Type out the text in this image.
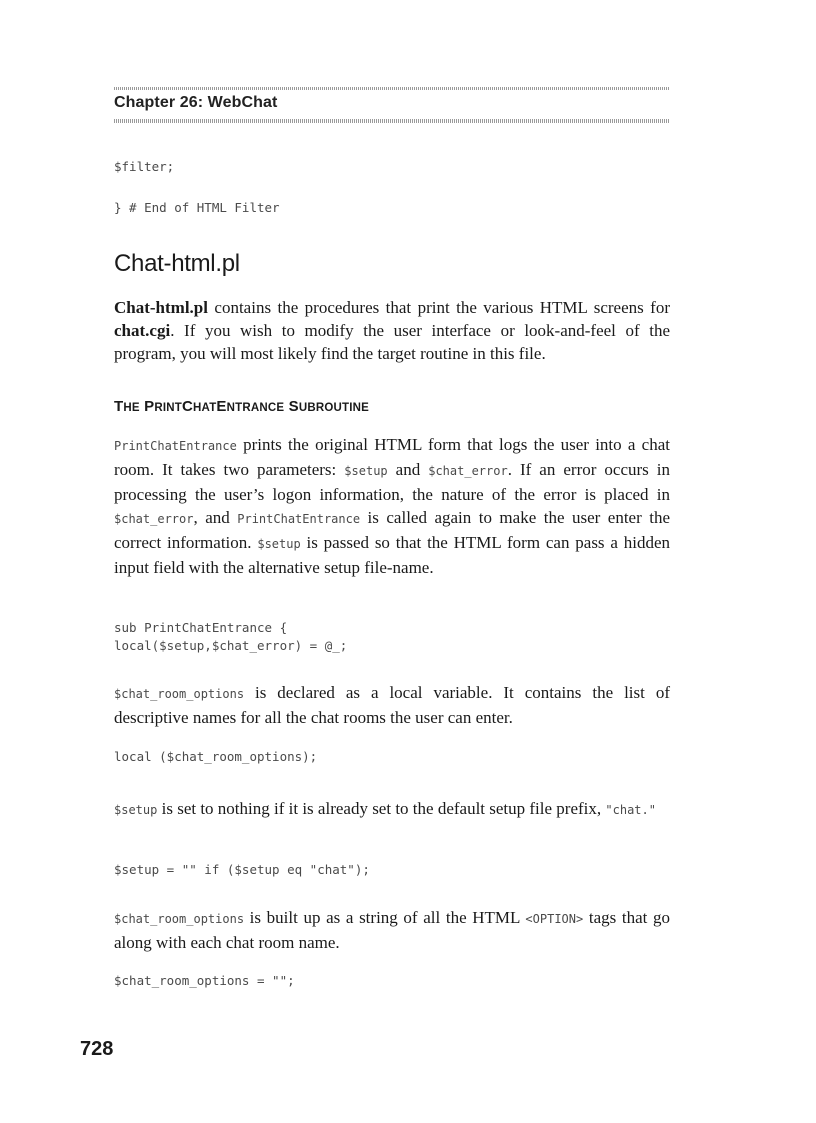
Chapter 26: WebChat
$filter;
} # End of HTML Filter
Chat-html.pl
Chat-html.pl contains the procedures that print the various HTML screens for chat.cgi. If you wish to modify the user interface or look-and-feel of the program, you will most likely find the target routine in this file.
THE PRINTCHATENTRANCE SUBROUTINE
PrintChatEntrance prints the original HTML form that logs the user into a chat room. It takes two parameters: $setup and $chat_error. If an error occurs in processing the user’s logon information, the nature of the error is placed in $chat_error, and PrintChatEntrance is called again to make the user enter the correct information. $setup is passed so that the HTML form can pass a hidden input field with the alternative setup file-name.
sub PrintChatEntrance {
local($setup,$chat_error) = @_;
$chat_room_options is declared as a local variable. It contains the list of descriptive names for all the chat rooms the user can enter.
local ($chat_room_options);
$setup is set to nothing if it is already set to the default setup file prefix, "chat."
$setup = "" if ($setup eq "chat");
$chat_room_options is built up as a string of all the HTML <OPTION> tags that go along with each chat room name.
$chat_room_options = "";
728
